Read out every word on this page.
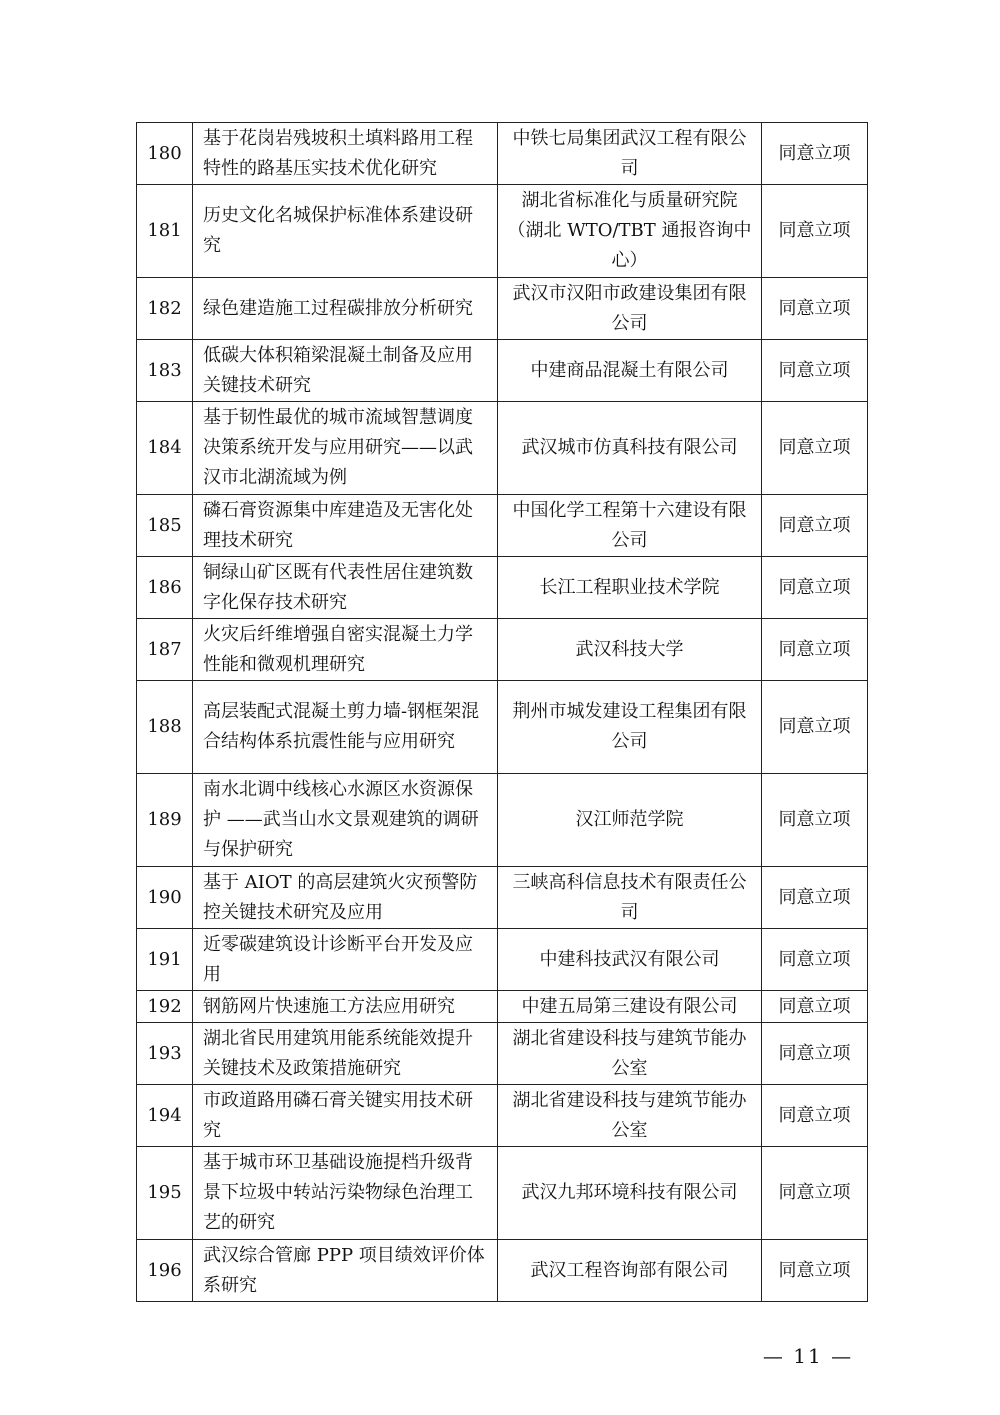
180	基于花岗岩残坡积土填料路用工程特性的路基压实技术优化研究	中铁七局集团武汉工程有限公司	同意立项
181	历史文化名城保护标准体系建设研究	湖北省标准化与质量研究院（湖北 WTO/TBT 通报咨询中心）	同意立项
182	绿色建造施工过程碳排放分析研究	武汉市汉阳市政建设集团有限公司	同意立项
183	低碳大体积箱梁混凝土制备及应用关键技术研究	中建商品混凝土有限公司	同意立项
184	基于韧性最优的城市流域智慧调度决策系统开发与应用研究——以武汉市北湖流域为例	武汉城市仿真科技有限公司	同意立项
185	磷石膏资源集中库建造及无害化处理技术研究	中国化学工程第十六建设有限公司	同意立项
186	铜绿山矿区既有代表性居住建筑数字化保存技术研究	长江工程职业技术学院	同意立项
187	火灾后纤维增强自密实混凝土力学性能和微观机理研究	武汉科技大学	同意立项
188	高层装配式混凝土剪力墙-钢框架混合结构体系抗震性能与应用研究	荆州市城发建设工程集团有限公司	同意立项
189	南水北调中线核心水源区水资源保护 ——武当山水文景观建筑的调研与保护研究	汉江师范学院	同意立项
190	基于 AIOT 的高层建筑火灾预警防控关键技术研究及应用	三峡高科信息技术有限责任公司	同意立项
191	近零碳建筑设计诊断平台开发及应用	中建科技武汉有限公司	同意立项
192	钢筋网片快速施工方法应用研究	中建五局第三建设有限公司	同意立项
193	湖北省民用建筑用能系统能效提升关键技术及政策措施研究	湖北省建设科技与建筑节能办公室	同意立项
194	市政道路用磷石膏关键实用技术研究	湖北省建设科技与建筑节能办公室	同意立项
195	基于城市环卫基础设施提档升级背景下垃圾中转站污染物绿色治理工艺的研究	武汉九邦环境科技有限公司	同意立项
196	武汉综合管廊 PPP 项目绩效评价体系研究	武汉工程咨询部有限公司	同意立项
— 11 —
